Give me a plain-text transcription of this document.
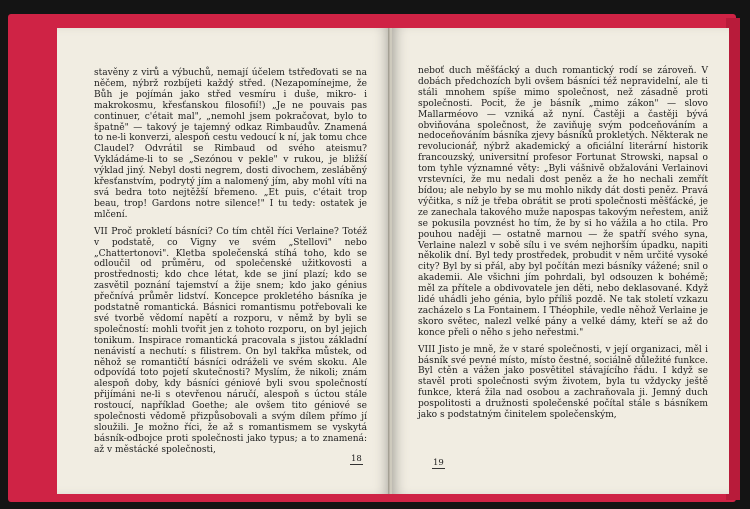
stavěny z virů a výbuchů, nemají účelem tstřeďovati se na něčem, nýbrž rozbíjeti každý střed. (Nezapomínejme, že Bůh je pojímán jako střed vesmíru i duše, mikro- i makrokosmu, křesťanskou filosofií!) „Je ne pouvais pas continuer, c'était mal", „nemohl jsem pokračovat, bylo to špatně" — takový je tajemný odkaz Rimbaudův. Znamená to ne-li konverzi, alespoň cestu vedoucí k ní, jak tomu chce Claudel? Odvrátil se Rimbaud od svého ateismu? Vykládáme-li to se „Sezónou v pekle" v rukou, je bližší výklad jiný. Nebyl dosti negrem, dosti divochem, zesláběný křesťanstvím, podrytý jím a nalomený jím, aby mohl víti na svá bedra toto nejtěžší břemeno. „Et puis, c'était trop beau, trop! Gardons notre silence!" I tu tedy: ostatek je mlčení.

VII Proč prokletí básníci? Co tím chtěl říci Verlaine? Totéž v podstatě, co Vigny ve svém „Stellovi" nebo „Chattertonovi". Kletba společenská stíhá toho, kdo se odloučil od průměru, od společenské užitkovosti a prostřednosti; kdo chce létat, kde se jiní plazí; kdo se zasvětil poznání tajemství a žije snem; kdo jako génius přečnívá průměr lidství. Koncepce prokletého básníka je podstatně romantická. Básnici romantismu potřebovali ke své tvorbě vědomí napětí a rozporu, v němž by byli se společností: mohli tvořit jen z tohoto rozporu, on byl jejich tonikum. Inspirace romantická pracovala s jistou základní nenávistí a nechutí: s filistrem. On byl takřka můstek, od něhož se romantičtí básníci odráželi ve svém skoku. Ale odpovídá toto pojetí skutečnosti? Myslím, že nikoli; znám alespoň doby, kdy básníci géniové byli svou společností přijímáni ne-li s otevřenou náručí, alespoň s úctou stále rostoucí, například Goethe; ale ovšem tito géniové se společnosti vědomě přizpůsobovali a svým dílem přímo jí sloužili. Je možno říci, že až s romantismem se vyskytá básník-odbojce proti společnosti jako typus; a to znamená: až v městácké společnosti,

18

neboť duch měšťácký a duch romantický rodí se zároveň. V dobách předchozích byli ovšem básníci též nepravidelní, ale ti stáli mnohem spíše mimo společnost, než zásadně proti společnosti. Pocit, že je básník „mimo zákon" — slovo Mallarméovo — vzniká až nyní. Častěji a častěji bývá obviňována společnost, že zaviňuje svým podceňováním a nedoceňováním básníka zjevy básníků prokletých. Některak ne revolucionář, nýbrž akademický a oficiální literární historik francouzský, universitní profesor Fortunat Strowski, napsal o tom tyhle významné věty: „Byli vášnivě obžalováni Verlainovi vrstevníci, že mu nedali dost peněz a že ho nechali zemřít bídou; ale nebylo by se mu mohlo nikdy dát dosti peněz. Pravá výčitka, s níž je třeba obrátit se proti společnosti měšťácké, je ze zanechala takového muže napospas takovým neřestem, aniž se pokusila povznést ho tím, že by si ho vážila a ho ctila. Pro pouhou naději — ostatně marnou — že spatří svého syna, Verlaine nalezl v sobě sílu i ve svém nejhorším úpadku, napiti několik dní. Byl tedy prostředek, probudit v něm určité vysoké city? Byl by si přál, aby byl počítán mezi básníky vážené; snil o akademii. Ale všichni jím pohrdali, byl odsouzen k bohémě; měl za přítele a obdivovatele jen děti, nebo deklasované. Když lidé uhádli jeho génia, bylo příliš pozdě. Ne tak století vzkazu zacházelo s La Fontainem. I Théophile, vedle něhož Verlaine je skoro světec, nalezl velké pány a velké dámy, kteří se až do konce přeli o něho s jeho neřestmi."

VIII Jisto je mně, že v staré společnosti, v její organizaci, měl i básník své pevné místo, místo čestné, sociálně důležité funkce. Byl ctěn a vážen jako posvětitel stávajícího řádu. I když se stavěl proti společnosti svým životem, byla tu vždycky ještě funkce, která žila nad osobou a zachraňovala ji. Jemný duch pospolitosti a družnosti společenské počítal stále s básníkem jako s podstatným činitelem společenským,

19
